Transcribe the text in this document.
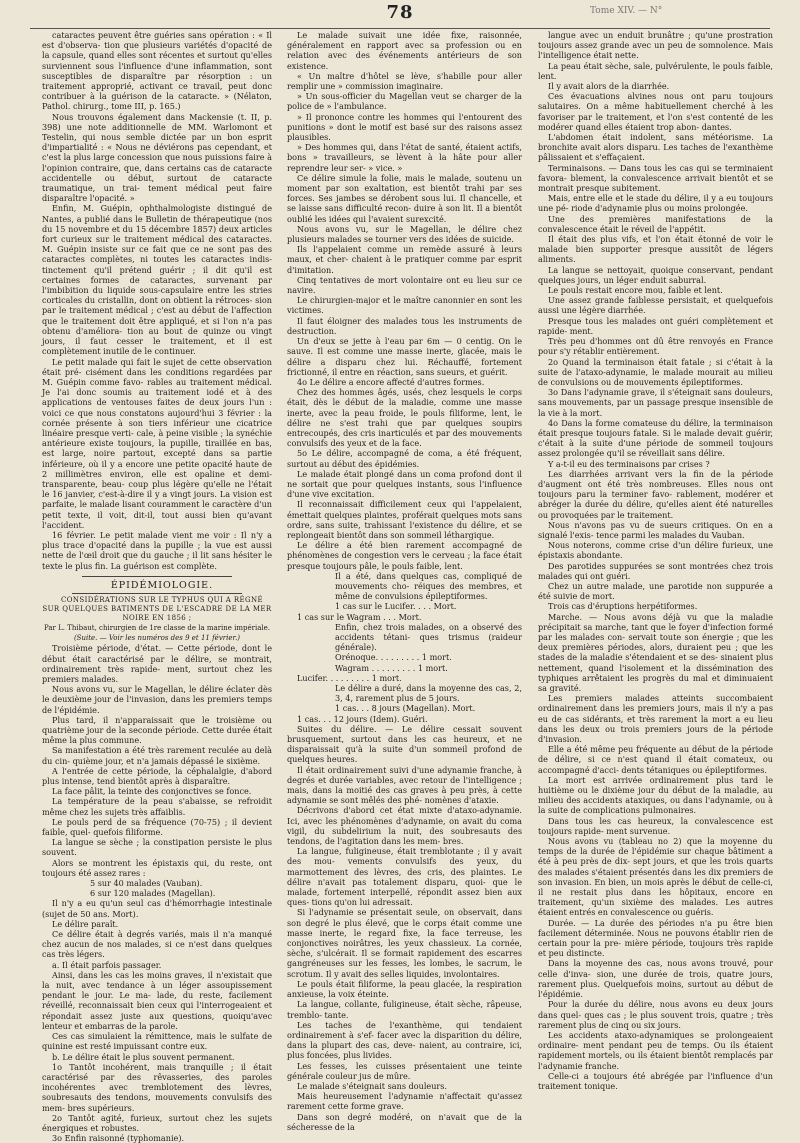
78	Tome XIV. — N°

cataractes peuvent être guéries sans opération : « Il est d'observa- tion que plusieurs variétés d'opacité de la capsule, quand elles sont récentes et surtout qu'elles surviennent sous l'influence d'une inflammation, sont susceptibles de disparaître par résorption : un traitement approprié, activant ce travail, peut donc contribuer à la guérison de la cataracte. » (Nélaton, Pathol. chirurg., tome III, p. 165.)

Nous trouvons également dans Mackensie (t. II, p. 398) une note additionnelle de MM. Warlomont et Testelin, qui nous semble dictée par un bon esprit d'impartialité : « Nous ne déviérons pas cependant, et c'est la plus large concession que nous puissions faire à l'opinion contraire, que, dans certains cas de cataracte accidentelle ou début, surtout de cataracte traumatique, un trai- tement médical peut faire disparaître l'opacité. »

Enfin, M. Guépin, ophthalmologiste distingué de Nantes, a publié dans le Bulletin de thérapeutique (nos du 15 novembre et du 15 décembre 1857) deux articles fort curieux sur le traitement médical des cataractes. M. Guépin insiste sur ce fait que ce ne sont pas des cataractes complètes, ni toutes les cataractes indis- tinctement qu'il prétend guérir ; il dit qu'il est certaines formes de cataractes, survenant par l'imbibition du liquide sous-capsulaire entre les stries corticales du cristallin, dont on obtient la rétroces- sion par le traitement médical ; c'est au début de l'affection que le traitement doit être appliqué, et si l'on n'a pas obtenu d'améliora- tion au bout de quinze ou vingt jours, il faut cesser le traitement, et il est complètement inutile de le continuer.

Le petit malade qui fait le sujet de cette observation était pré- cisément dans les conditions regardées par M. Guépin comme favo- rables au traitement médical. Je l'ai donc soumis au traitement iodé et à des applications de ventouses faites de deux jours l'un : voici ce que nous constatons aujourd'hui 3 février : la cornée présente à son tiers inférieur une cicatrice linéaire presque verti- cale, à peine visible ; la synéchie antérieure existe toujours, la pupille, tiraillée en bas, est large, noire partout, excepté dans sa partie inférieure, où il y a encore une petite opacité haute de 2 millimètres environ, elle est opaline et demi-transparente, beau- coup plus légère qu'elle ne l'était le 16 janvier, c'est-à-dire il y a vingt jours. La vision est parfaite, le malade lisant couramment le caractère d'un petit texte, il voit, dit-il, tout aussi bien qu'avant l'accident.

16 février. Le petit malade vient me voir : Il n'y a plus trace d'opacité dans la pupille ; la vue est aussi nette de l'œil droit que du gauche ; il lit sans hésiter le texte le plus fin. La guérison est complète.

ÉPIDÉMIOLOGIE.

CONSIDÉRATIONS SUR LE TYPHUS QUI A RÉGNÉ SUR QUELQUES BATIMENTS DE L'ESCADRE DE LA MER NOIRE EN 1856 ;

Par L. Thibaut, chirurgien de 1re classe de la marine impériale.

(Suite. — Voir les numéros des 9 et 11 février.)

Troisième période, d'état. — Cette période, dont le début était caractérisé par le délire, se montrait, ordinairement très rapide- ment, surtout chez les premiers malades.

Nous avons vu, sur le Magellan, le délire éclater dès le deuxième jour de l'invasion, dans les premiers temps de l'épidémie.

Plus tard, il n'apparaissait que le troisième ou quatrième jour de la seconde période. Cette durée était même la plus commune.

Sa manifestation a été très rarement reculée au delà du cin- quième jour, et n'a jamais dépassé le sixième.

A l'entrée de cette période, la céphalalgie, d'abord plus intense, tend bientôt après à disparaître.

La face pâlit, la teinte des conjonctives se fonce.

La température de la peau s'abaisse, se refroidit même chez les sujets très affaiblis.

Le pouls perd de sa fréquence (70-75) ; il devient faible, quel- quefois filiforme.

La langue se sèche ; la constipation persiste le plus souvent.

Alors se montrent les épistaxis qui, du reste, ont toujours été assez rares :

5 sur 40 malades (Vauban).

6 sur 120 malades (Magellan).

Il n'y a eu qu'un seul cas d'hémorrhagie intestinale (sujet de 50 ans. Mort).

Le délire paraît.

Ce délire était à degrés variés, mais il n'a manqué chez aucun de nos malades, si ce n'est dans quelques cas très légers.

a. Il était parfois passager.

Ainsi, dans les cas les moins graves, il n'existait que la nuit, avec tendance à un léger assoupissement pendant le jour. Le ma- lade, du reste, facilement réveillé, reconnaissait bien ceux qui l'interrogeaient et répondait assez juste aux questions, quoiqu'avec lenteur et embarras de la parole.

Ces cas simulaient la rémittence, mais le sulfate de quinine est resté impuissant contre eux.

b. Le délire était le plus souvent permanent.

1o Tantôt incohérent, mais tranquille ; il était caractérisé par des rêvasseries, des paroles incohérentes avec tremblotement des lèvres, soubresauts des tendons, mouvements convulsifs des mem- bres supérieurs.

2o Tantôt agité, furieux, surtout chez les sujets énergiques et robustes.

3o Enfin raisonné (typhomanie).

Le malade suivait une idée fixe, raisonnée, généralement en rapport avec sa profession ou en relation avec des événements antérieurs de son existence.

« Un maître d'hôtel se lève, s'habille pour aller remplir une » commission imaginaire.

» Un sous-officier du Magellan veut se charger de la police de » l'ambulance.

» Il prononce contre les hommes qui l'entourent des punitions » dont le motif est basé sur des raisons assez plausibles.

» Des hommes qui, dans l'état de santé, étaient actifs, bons » travailleurs, se lèvent à la hâte pour aller reprendre leur ser- » vice. »

Ce délire simule la folie, mais le malade, soutenu un moment par son exaltation, est bientôt trahi par ses forces. Ses jambes se dérobent sous lui. Il chancelle, et se laisse sans difficulté recon- duire à son lit. Il a bientôt oublié les idées qui l'avaient surexcité.

Nous avons vu, sur le Magellan, le délire chez plusieurs malades se tourner vers des idées de suicide.

Ils l'appelaient comme un remède assuré à leurs maux, et cher- chaient à le pratiquer comme par esprit d'imitation.

Cinq tentatives de mort volontaire ont eu lieu sur ce navire.

Le chirurgien-major et le maître canonnier en sont les victimes.

Il faut éloigner des malades tous les instruments de destruction.

Un d'eux se jette à l'eau par 6m — 0 centig. On le sauve. Il est comme une masse inerte, glacée, mais le délire a disparu chez lui. Réchauffé, fortement frictionné, il entre en réaction, sans sueurs, et guérit.

4o Le délire a encore affecté d'autres formes.

Chez des hommes âgés, usés, chez lesquels le corps était, dès le début de la maladie, comme une masse inerte, avec la peau froide, le pouls filiforme, lent, le délire ne s'est trahi que par quelques soupirs entrecoupés, des cris inarticulés et par des mouvements convulsifs des yeux et de la face.

5o Le délire, accompagné de coma, a été fréquent, surtout au début des épidémies.

Le malade était plongé dans un coma profond dont il ne sortait que pour quelques instants, sous l'influence d'une vive excitation.

Il reconnaissait difficilement ceux qui l'appelaient, émettait quelques plaintes, proférait quelques mots sans ordre, sans suite, trahissant l'existence du délire, et se replongeait bientôt dans son sommeil léthargique.

Le délire a été bien rarement accompagné de phénomènes de congestion vers le cerveau ; la face était presque toujours pâle, le pouls faible, lent.

Il a été, dans quelques cas, compliqué de mouvements cho- réiques des membres, et même de convulsions épileptiformes.

1 cas sur le Lucifer. . . . Mort.

1 cas sur le Wagram . . . Mort.

Enfin, chez trois malades, on a observé des accidents tétani- ques trismus (raideur générale).

Orénoque. . . . . . . . . 1 mort.

Wagram . . . . . . . . . 1 mort.

Lucifer. . . . . . . . . 1 mort.

Le délire a duré, dans la moyenne des cas, 2, 3, 4, rarement plus de 5 jours.

1 cas. . . 8 jours (Magellan). Mort.

1 cas. . . 12 jours (Idem). Guéri.

Suites du délire. — Le délire cessait souvent brusquement, surtout dans les cas heureux, et ne disparaissait qu'à la suite d'un sommeil profond de quelques heures.

Il était ordinairement suivi d'une adynamie franche, à degrés et durée variables, avec retour de l'intelligence ; mais, dans la moitié des cas graves à peu près, à cette adynamie se sont mêlés des phé- nomènes d'ataxie.

Décrivons d'abord cet état mixte d'ataxo-adynamie. Ici, avec les phénomènes d'adynamie, on avait du coma vigil, du subdelirium la nuit, des soubresauts des tendons, de l'agitation dans les mem- bres.

La langue, fuligineuse, était tremblotante ; il y avait des mou- vements convulsifs des yeux, du marmottement des lèvres, des cris, des plaintes. Le délire n'avait pas totalement disparu, quoi- que le malade, fortement interpellé, répondit assez bien aux ques- tions qu'on lui adressait.

Si l'adynamie se présentait seule, on observait, dans son degré le plus élevé, que le corps était comme une masse inerte, le regard fixe, la face terreuse, les conjonctives noirâtres, les yeux chassieux. La cornée, sèche, s'ulcérait. Il se formait rapidement des escarres gangréneuses sur les fesses, les lombes, le sacrum, le scrotum. Il y avait des selles liquides, involontaires.

Le pouls était filiforme, la peau glacée, la respiration anxieuse, la voix éteinte.

La langue, collante, fuligineuse, était sèche, râpeuse, tremblo- tante.

Les taches de l'exanthème, qui tendaient ordinairement à s'ef- facer avec la disparition du délire, dans la plupart des cas, deve- naient, au contraire, ici, plus foncées, plus livides.

Les fesses, les cuisses présentaient une teinte générale couleur jus de mûre.

Le malade s'éteignait sans douleurs.

Mais heureusement l'adynamie n'affectait qu'assez rarement cette forme grave.

Dans son degré modéré, on n'avait que de la sécheresse de la

langue avec un enduit brunâtre ; qu'une prostration toujours assez grande avec un peu de somnolence. Mais l'intelligence était nette.

La peau était sèche, sale, pulvérulente, le pouls faible, lent.

Il y avait alors de la diarrhée.

Ces évacuations alvines nous ont paru toujours salutaires. On a même habituellement cherché à les favoriser par le traitement, et l'on s'est contenté de les modérer quand elles étaient trop abon- dantes.

L'abdomen était indolent, sans météorisme. La bronchite avait alors disparu. Les taches de l'exanthème pâlissaient et s'effaçaient.

Terminaisons. — Dans tous les cas qui se terminaient favora- blement, la convalescence arrivait bientôt et se montrait presque subitement.

Mais, entre elle et le stade du délire, il y a eu toujours une pé- riode d'adynamie plus ou moins prolongée.

Une des premières manifestations de la convalescence était le réveil de l'appétit.

Il était des plus vifs, et l'on était étonné de voir le malade bien supporter presque aussitôt de légers aliments.

La langue se nettoyait, quoique conservant, pendant quelques jours, un léger enduit saburral.

Le pouls restait encore mou, faible et lent.

Une assez grande faiblesse persistait, et quelquefois aussi une légère diarrhée.

Presque tous les malades ont guéri complètement et rapide- ment.

Très peu d'hommes ont dû être renvoyés en France pour s'y rétablir entièrement.

2o Quand la terminaison était fatale ; si c'était à la suite de l'ataxo-adynamie, le malade mourait au milieu de convulsions ou de mouvements épileptiformes.

3o Dans l'adynamie grave, il s'éteignait sans douleurs, sans mouvements, par un passage presque insensible de la vie à la mort.

4o Dans la forme comateuse du délire, la terminaison était presque toujours fatale. Si le malade devait guérir, c'était à la suite d'une période de sommeil toujours assez prolongée qu'il se réveillait sans délire.

Y a-t-il eu des terminaisons par crises ?

Les diarrhées arrivant vers la fin de la période d'augment ont été très nombreuses. Elles nous ont toujours paru la terminer favo- rablement, modérer et abréger la durée du délire, qu'elles aient été naturelles ou provoquées par le traitement.

Nous n'avons pas vu de sueurs critiques. On en a signalé l'exis- tence parmi les malades du Vauban.

Nous noterons, comme crise d'un délire furieux, une épistaxis abondante.

Des parotides suppurées se sont montrées chez trois malades qui ont guéri.

Chez un autre malade, une parotide non suppurée a été suivie de mort.

Trois cas d'éruptions herpétiformes.

Marche. — Nous avons déjà vu que la maladie précipitait sa marche, tant que le foyer d'infection formé par les malades con- servait toute son énergie ; que les deux premières périodes, alors, duraient peu ; que les stades de la maladie s'étendaient et se des- sinaient plus nettement, quand l'isolement et la dissémination des typhiques arrêtaient les progrès du mal et diminuaient sa gravité.

Les premiers malades atteints succombaient ordinairement dans les premiers jours, mais il n'y a pas eu de cas sidérants, et très rarement la mort a eu lieu dans les deux ou trois premiers jours de la période d'invasion.

Elle a été même peu fréquente au début de la période de délire, si ce n'est quand il était comateux, ou accompagné d'acci- dents tétaniques ou épileptiformes.

La mort est arrivée ordinairement plus tard le huitième ou le dixième jour du début de la maladie, au milieu des accidents ataxiques, ou dans l'adynamie, ou à la suite de complications pulmonaires.

Dans tous les cas heureux, la convalescence est toujours rapide- ment survenue.

Nous avons vu (tableau no 2) que la moyenne du temps de la durée de l'épidémie sur chaque bâtiment a été à peu près de dix- sept jours, et que les trois quarts des malades s'étaient présentés dans les dix premiers de son invasion. En bien, un mois après le début de celle-ci, il ne restait plus dans les hôpitaux, encore en traitement, qu'un sixième des malades. Les autres étaient entrés en convalescence ou guéris.

Durée. — La durée des périodes n'a pu être bien facilement déterminée. Nous ne pouvons établir rien de certain pour la pre- mière période, toujours très rapide et peu distincte.

Dans la moyenne des cas, nous avons trouvé, pour celle d'inva- sion, une durée de trois, quatre jours, rarement plus. Quelquefois moins, surtout au début de l'épidémie.

Pour la durée du délire, nous avons eu deux jours dans quel- ques cas ; le plus souvent trois, quatre ; très rarement plus de cinq ou six jours.

Les accidents ataxo-adynamiques se prolongeaient ordinaire- ment pendant peu de temps. Ou ils étaient rapidement mortels, ou ils étaient bientôt remplacés par l'adynamie franche.

Celle-ci a toujours été abrégée par l'influence d'un traitement tonique.
